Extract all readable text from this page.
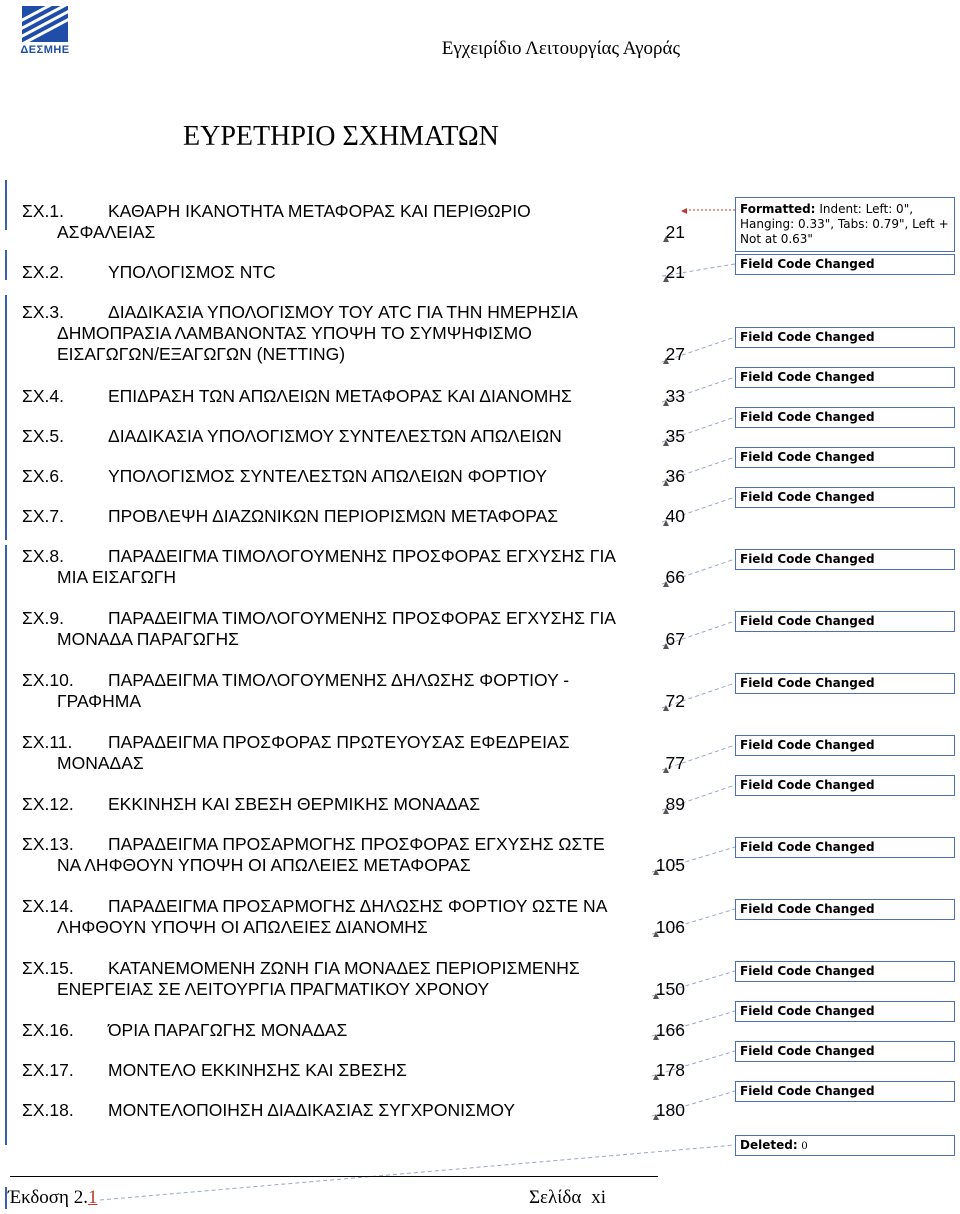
ΔΕΣΜΗΕ	Εγχειρίδιο Λειτουργίας Αγοράς
ΕΥΡΕΤΗΡΙΟ ΣΧΗΜΑΤΩΝ
ΣΧ.1.	ΚΑΘΑΡΗ ΙΚΑΝΟΤΗΤΑ ΜΕΤΑΦΟΡΑΣ ΚΑΙ ΠΕΡΙΘΩΡΙΟ
ΑΣΦΑΛΕΙΑΣ	21
ΣΧ.2.	ΥΠΟΛΟΓΙΣΜΟΣ NTC	21
ΣΧ.3.	ΔΙΑΔΙΚΑΣΙΑ ΥΠΟΛΟΓΙΣΜΟΥ ΤΟΥ ATC ΓΙΑ ΤΗΝ ΗΜΕΡΗΣΙΑ
ΔΗΜΟΠΡΑΣΙΑ ΛΑΜΒΑΝΟΝΤΑΣ ΥΠΟΨΗ ΤΟ ΣΥΜΨΗΦΙΣΜΟ
ΕΙΣΑΓΩΓΩΝ/ΕΞΑΓΩΓΩΝ (NETTING)	27
ΣΧ.4.	ΕΠΙΔΡΑΣΗ ΤΩΝ ΑΠΩΛΕΙΩΝ ΜΕΤΑΦΟΡΑΣ ΚΑΙ ΔΙΑΝΟΜΗΣ	33
ΣΧ.5.	ΔΙΑΔΙΚΑΣΙΑ ΥΠΟΛΟΓΙΣΜΟΥ ΣΥΝΤΕΛΕΣΤΩΝ ΑΠΩΛΕΙΩΝ	35
ΣΧ.6.	ΥΠΟΛΟΓΙΣΜΟΣ ΣΥΝΤΕΛΕΣΤΩΝ ΑΠΩΛΕΙΩΝ ΦΟΡΤΙΟΥ	36
ΣΧ.7.	ΠΡΟΒΛΕΨΗ ΔΙΑΖΩΝΙΚΩΝ ΠΕΡΙΟΡΙΣΜΩΝ ΜΕΤΑΦΟΡΑΣ	40
ΣΧ.8.	ΠΑΡΑΔΕΙΓΜΑ ΤΙΜΟΛΟΓΟΥΜΕΝΗΣ ΠΡΟΣΦΟΡΑΣ ΕΓΧΥΣΗΣ ΓΙΑ
ΜΙΑ ΕΙΣΑΓΩΓΗ	66
ΣΧ.9.	ΠΑΡΑΔΕΙΓΜΑ ΤΙΜΟΛΟΓΟΥΜΕΝΗΣ ΠΡΟΣΦΟΡΑΣ ΕΓΧΥΣΗΣ ΓΙΑ
ΜΟΝΑΔΑ ΠΑΡΑΓΩΓΗΣ	67
ΣΧ.10. ΠΑΡΑΔΕΙΓΜΑ ΤΙΜΟΛΟΓΟΥΜΕΝΗΣ ΔΗΛΩΣΗΣ ΦΟΡΤΙΟΥ -
ΓΡΑΦΗΜΑ	72
ΣΧ.11. ΠΑΡΑΔΕΙΓΜΑ ΠΡΟΣΦΟΡΑΣ ΠΡΩΤΕΥΟΥΣΑΣ ΕΦΕΔΡΕΙΑΣ
ΜΟΝΑΔΑΣ	77
ΣΧ.12. ΕΚΚΙΝΗΣΗ ΚΑΙ ΣΒΕΣΗ ΘΕΡΜΙΚΗΣ ΜΟΝΑΔΑΣ	89
ΣΧ.13. ΠΑΡΑΔΕΙΓΜΑ ΠΡΟΣΑΡΜΟΓΗΣ ΠΡΟΣΦΟΡΑΣ ΕΓΧΥΣΗΣ ΩΣΤΕ
ΝΑ ΛΗΦΘΟΥΝ ΥΠΟΨΗ ΟΙ ΑΠΩΛΕΙΕΣ ΜΕΤΑΦΟΡΑΣ	105
ΣΧ.14. ΠΑΡΑΔΕΙΓΜΑ ΠΡΟΣΑΡΜΟΓΗΣ ΔΗΛΩΣΗΣ ΦΟΡΤΙΟΥ ΩΣΤΕ ΝΑ
ΛΗΦΘΟΥΝ ΥΠΟΨΗ ΟΙ ΑΠΩΛΕΙΕΣ ΔΙΑΝΟΜΗΣ	106
ΣΧ.15. ΚΑΤΑΝΕΜΟΜΕΝΗ ΖΩΝΗ ΓΙΑ ΜΟΝΑΔΕΣ ΠΕΡΙΟΡΙΣΜΕΝΗΣ
ΕΝΕΡΓΕΙΑΣ ΣΕ ΛΕΙΤΟΥΡΓΙΑ ΠΡΑΓΜΑΤΙΚΟΥ ΧΡΟΝΟΥ	150
ΣΧ.16. ΌΡΙΑ ΠΑΡΑΓΩΓΗΣ ΜΟΝΑΔΑΣ	166
ΣΧ.17. ΜΟΝΤΕΛΟ ΕΚΚΙΝΗΣΗΣ ΚΑΙ ΣΒΕΣΗΣ	178
ΣΧ.18. ΜΟΝΤΕΛΟΠΟΙΗΣΗ ΔΙΑΔΙΚΑΣΙΑΣ ΣΥΓΧΡΟΝΙΣΜΟΥ	180
Formatted: Indent: Left: 0", Hanging: 0.33", Tabs: 0.79", Left + Not at 0.63"
Field Code Changed
Field Code Changed
Field Code Changed
Field Code Changed
Field Code Changed
Field Code Changed
Field Code Changed
Field Code Changed
Field Code Changed
Field Code Changed
Field Code Changed
Field Code Changed
Field Code Changed
Field Code Changed
Field Code Changed
Field Code Changed
Field Code Changed
Deleted: 0
Έκδοση 2.1	Σελίδα xi
